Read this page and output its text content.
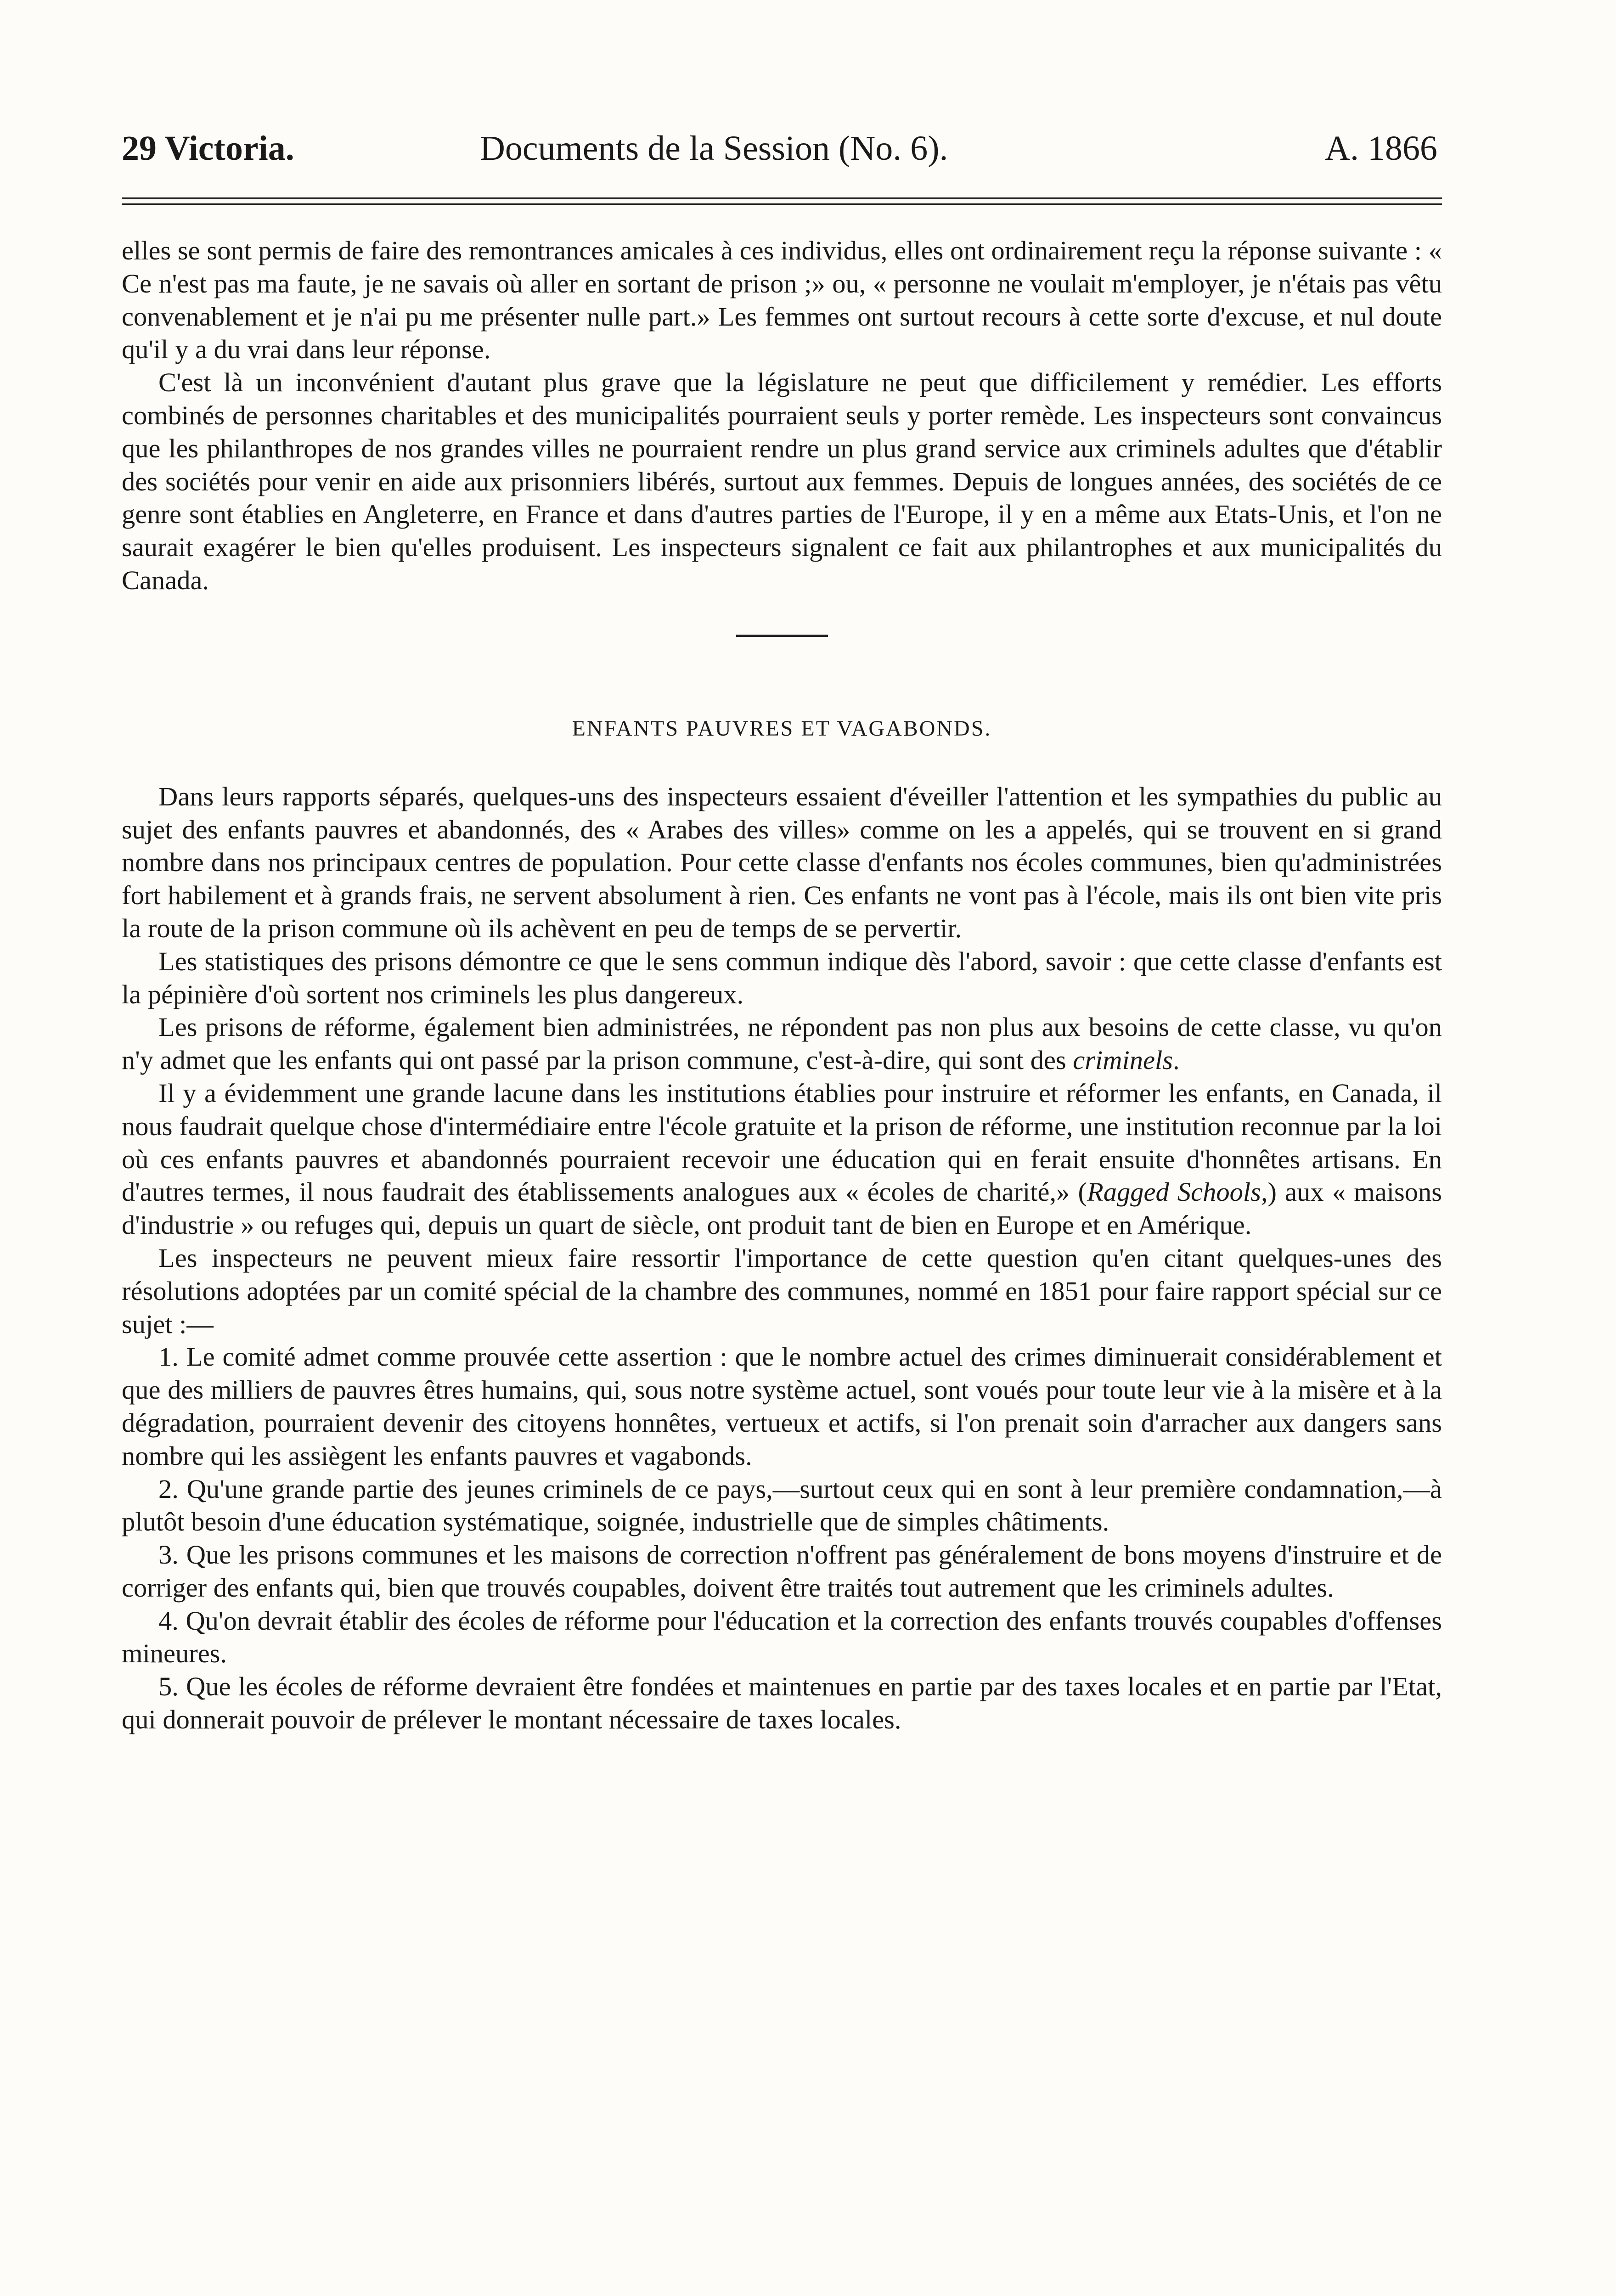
29 Victoria.	Documents de la Session (No. 6).	A. 1866

elles se sont permis de faire des remontrances amicales à ces individus, elles ont ordinairement reçu la réponse suivante : « Ce n'est pas ma faute, je ne savais où aller en sortant de prison ;» ou, « personne ne voulait m'employer, je n'étais pas vêtu convenablement et je n'ai pu me présenter nulle part.» Les femmes ont surtout recours à cette sorte d'excuse, et nul doute qu'il y a du vrai dans leur réponse.

C'est là un inconvénient d'autant plus grave que la législature ne peut que difficilement y remédier. Les efforts combinés de personnes charitables et des municipalités pourraient seuls y porter remède. Les inspecteurs sont convaincus que les philanthropes de nos grandes villes ne pourraient rendre un plus grand service aux criminels adultes que d'établir des sociétés pour venir en aide aux prisonniers libérés, surtout aux femmes. Depuis de longues années, des sociétés de ce genre sont établies en Angleterre, en France et dans d'autres parties de l'Europe, il y en a même aux Etats-Unis, et l'on ne saurait exagérer le bien qu'elles produisent. Les inspecteurs signalent ce fait aux philantrophes et aux municipalités du Canada.

ENFANTS PAUVRES ET VAGABONDS.

Dans leurs rapports séparés, quelques-uns des inspecteurs essaient d'éveiller l'attention et les sympathies du public au sujet des enfants pauvres et abandonnés, des « Arabes des villes» comme on les a appelés, qui se trouvent en si grand nombre dans nos principaux centres de population. Pour cette classe d'enfants nos écoles communes, bien qu'administrées fort habilement et à grands frais, ne servent absolument à rien. Ces enfants ne vont pas à l'école, mais ils ont bien vite pris la route de la prison commune où ils achèvent en peu de temps de se pervertir.

Les statistiques des prisons démontre ce que le sens commun indique dès l'abord, savoir : que cette classe d'enfants est la pépinière d'où sortent nos criminels les plus dangereux.

Les prisons de réforme, également bien administrées, ne répondent pas non plus aux besoins de cette classe, vu qu'on n'y admet que les enfants qui ont passé par la prison commune, c'est-à-dire, qui sont des criminels.

Il y a évidemment une grande lacune dans les institutions établies pour instruire et réformer les enfants, en Canada, il nous faudrait quelque chose d'intermédiaire entre l'école gratuite et la prison de réforme, une institution reconnue par la loi où ces enfants pauvres et abandonnés pourraient recevoir une éducation qui en ferait ensuite d'honnêtes artisans. En d'autres termes, il nous faudrait des établissements analogues aux « écoles de charité,» (Ragged Schools,) aux « maisons d'industrie » ou refuges qui, depuis un quart de siècle, ont produit tant de bien en Europe et en Amérique.

Les inspecteurs ne peuvent mieux faire ressortir l'importance de cette question qu'en citant quelques-unes des résolutions adoptées par un comité spécial de la chambre des communes, nommé en 1851 pour faire rapport spécial sur ce sujet :—

1. Le comité admet comme prouvée cette assertion : que le nombre actuel des crimes diminuerait considérablement et que des milliers de pauvres êtres humains, qui, sous notre système actuel, sont voués pour toute leur vie à la misère et à la dégradation, pourraient devenir des citoyens honnêtes, vertueux et actifs, si l'on prenait soin d'arracher aux dangers sans nombre qui les assiègent les enfants pauvres et vagabonds.

2. Qu'une grande partie des jeunes criminels de ce pays,—surtout ceux qui en sont à leur première condamnation,—à plutôt besoin d'une éducation systématique, soignée, industrielle que de simples châtiments.

3. Que les prisons communes et les maisons de correction n'offrent pas généralement de bons moyens d'instruire et de corriger des enfants qui, bien que trouvés coupables, doivent être traités tout autrement que les criminels adultes.

4. Qu'on devrait établir des écoles de réforme pour l'éducation et la correction des enfants trouvés coupables d'offenses mineures.

5. Que les écoles de réforme devraient être fondées et maintenues en partie par des taxes locales et en partie par l'Etat, qui donnerait pouvoir de prélever le montant nécessaire de taxes locales.
